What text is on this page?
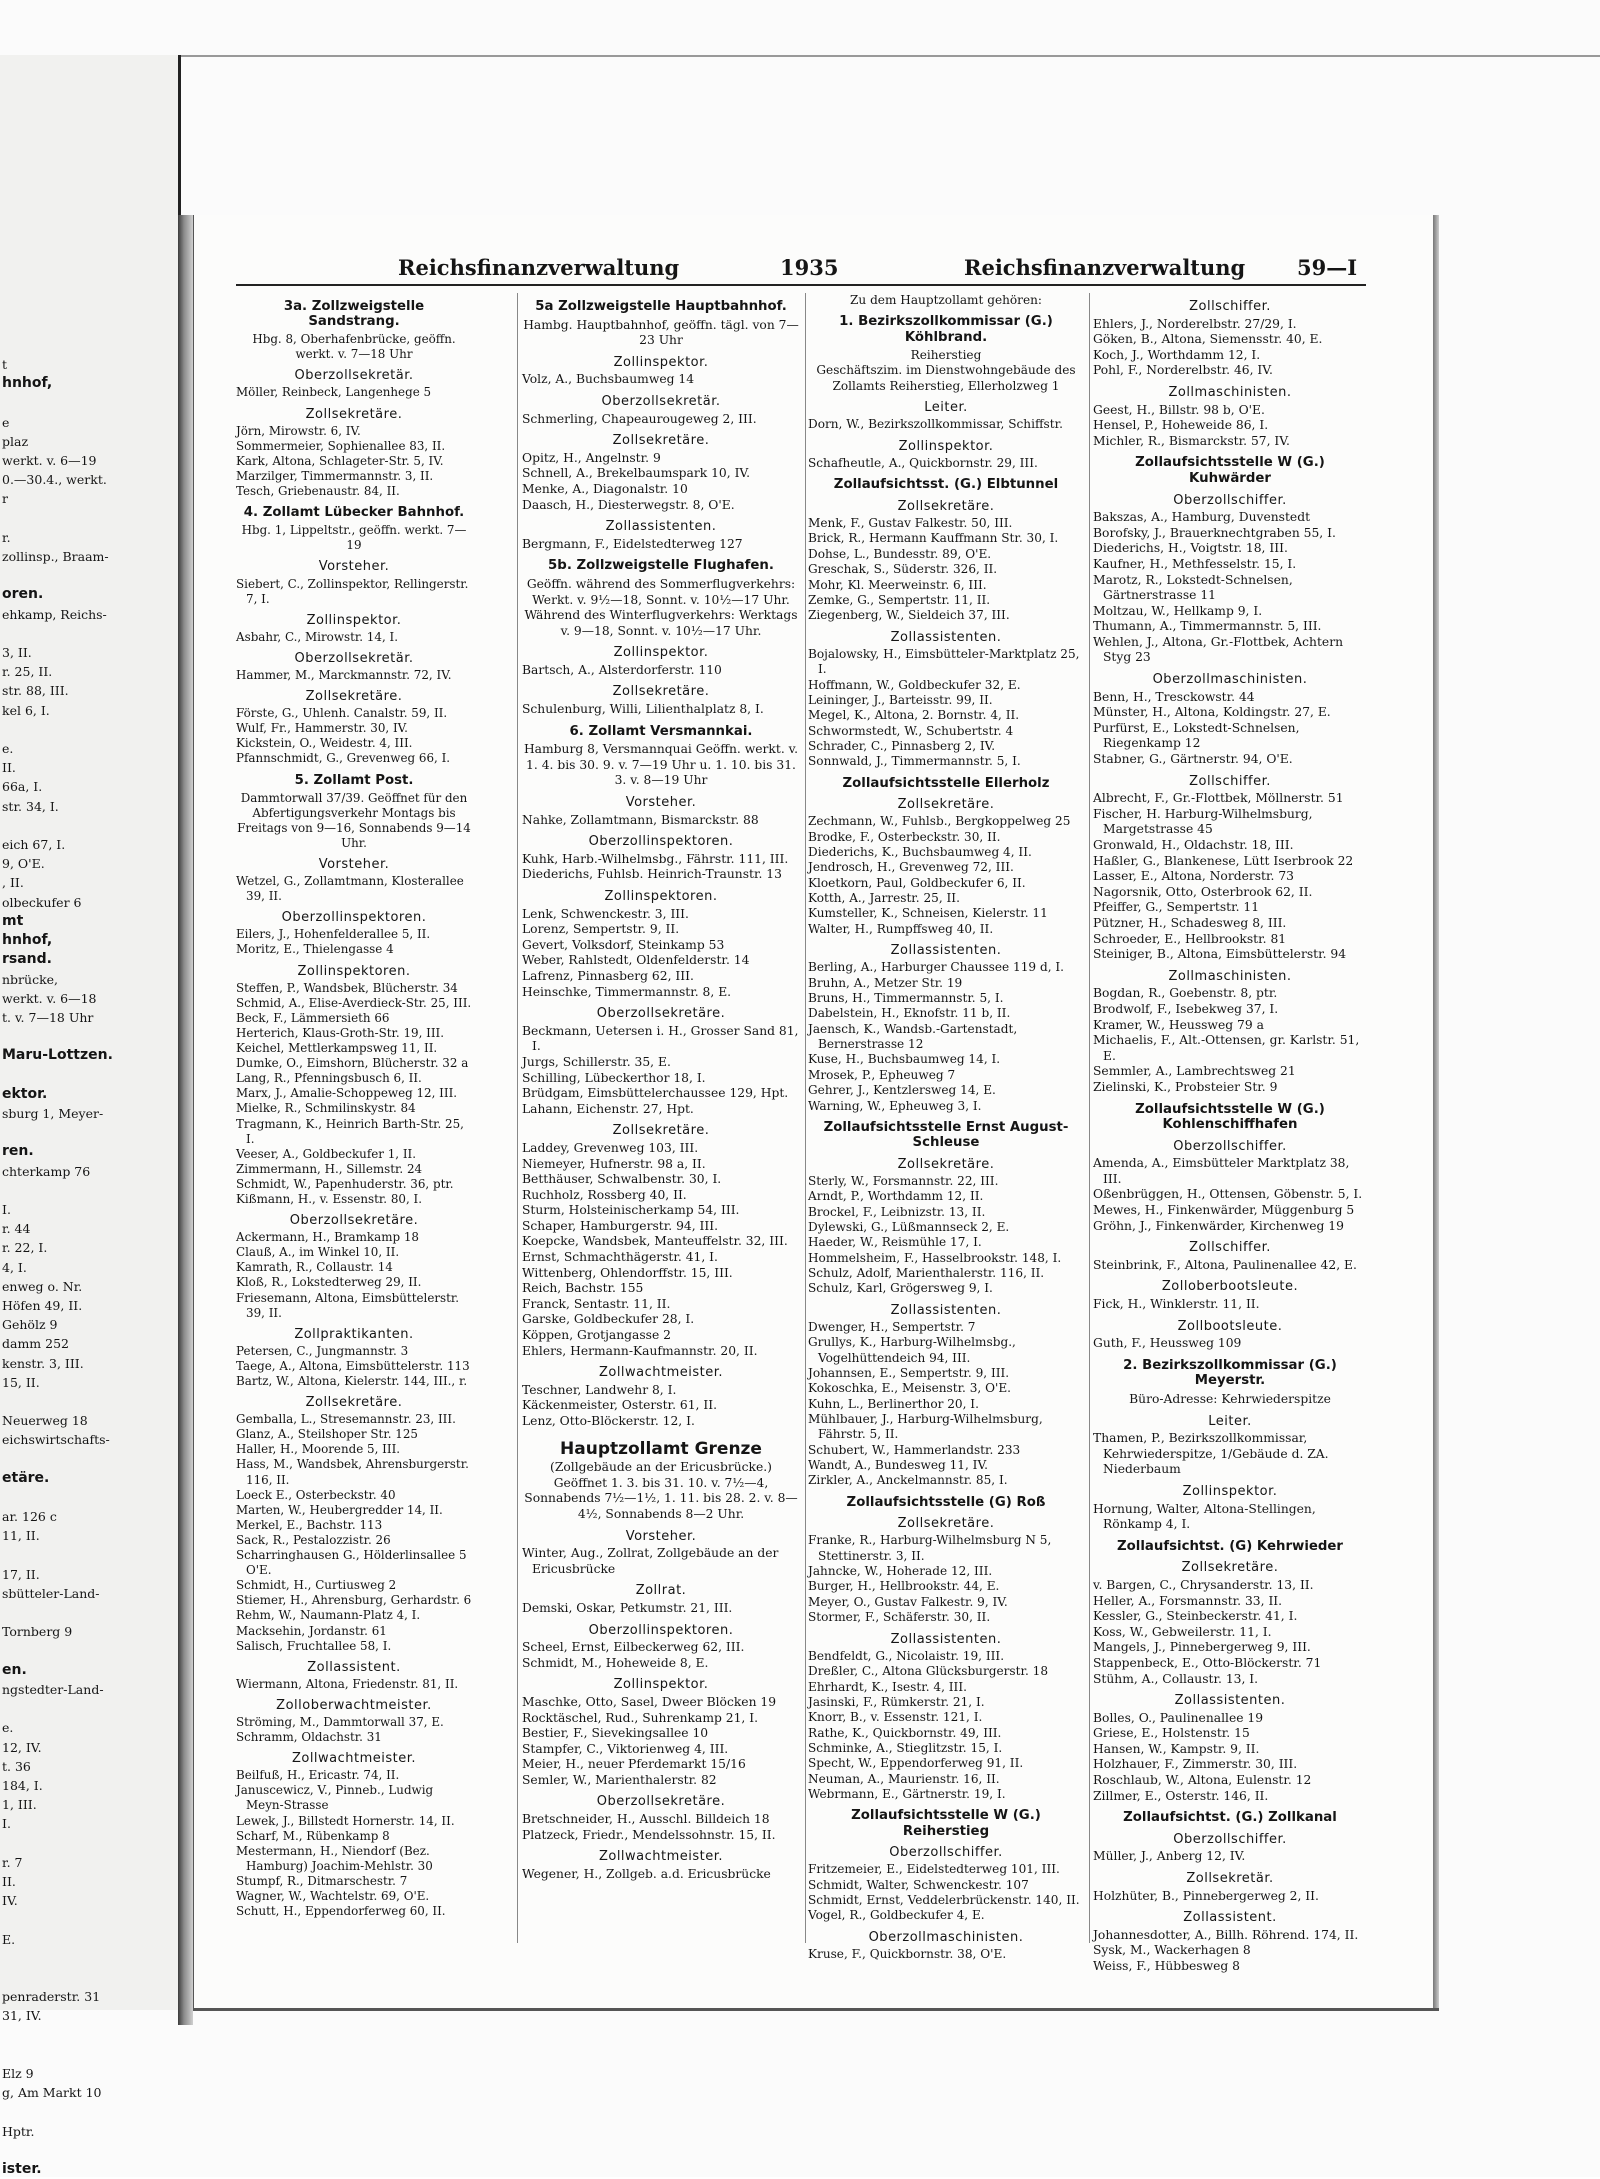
t
hnhof,

e
plaz
werkt. v. 6—19
0.—30.4., werkt.
r

r.
zollinsp., Braam-

oren.
ehkamp, Reichs-

3, II.
r. 25, II.
str. 88, III.
kel 6, I.

e.
II.
66a, I.
str. 34, I.

eich 67, I.
9, O'E.
, II.
olbeckufer 6
mt
hnhof,
rsand.
nbrücke,
werkt. v. 6—18
t. v. 7—18 Uhr

Maru-Lottzen.

ektor.
sburg 1, Meyer-

ren.
chterkamp 76

I.
r. 44
r. 22, I.
4, I.
enweg o. Nr.
Höfen 49, II.
Gehölz 9
damm 252
kenstr. 3, III.
15, II.

Neuerweg 18
eichswirtschafts-

etäre.

ar. 126 c
11, II.

17, II.
sbütteler-Land-

Tornberg 9

en.
ngstedter-Land-

e.
12, IV.
t. 36
184, I.
1, III.
I.

r. 7
II.
IV.

E.

penraderstr. 31
31, IV.

Elz 9
g, Am Markt 10

Hptr.

ister.
Reichsfinanzverwaltung	1935	Reichsfinanzverwaltung 59—I

3a. Zollzweigstelle Sandstrang.

Hbg. 8, Oberhafenbrücke, geöffn. werkt. v. 7—18 Uhr

Oberzollsekretär.

Möller, Reinbeck, Langenhege 5

Zollsekretäre.

Jörn, Mirowstr. 6, IV.

Sommermeier, Sophienallee 83, II.

Kark, Altona, Schlageter-Str. 5, IV.

Marzilger, Timmermannstr. 3, II.

Tesch, Griebenaustr. 84, II.

4. Zollamt Lübecker Bahnhof.

Hbg. 1, Lippeltstr., geöffn. werkt. 7—19

Vorsteher.

Siebert, C., Zollinspektor, Rellingerstr. 7, I.

Zollinspektor.

Asbahr, C., Mirowstr. 14, I.

Oberzollsekretär.

Hammer, M., Marckmannstr. 72, IV.

Zollsekretäre.

Förste, G., Uhlenh. Canalstr. 59, II.

Wulf, Fr., Hammerstr. 30, IV.

Kickstein, O., Weidestr. 4, III.

Pfannschmidt, G., Grevenweg 66, I.

5. Zollamt Post.

Dammtorwall 37/39. Geöffnet für den Abfertigungsverkehr Montags bis Freitags von 9—16, Sonnabends 9—14 Uhr.

Vorsteher.

Wetzel, G., Zollamtmann, Klosterallee 39, II.

Oberzollinspektoren.

Eilers, J., Hohenfelderallee 5, II.

Moritz, E., Thielengasse 4

Zollinspektoren.

Steffen, P., Wandsbek, Blücherstr. 34

Schmid, A., Elise-Averdieck-Str. 25, III.

Beck, F., Lämmersieth 66

Herterich, Klaus-Groth-Str. 19, III.

Keichel, Mettlerkampsweg 11, II.

Dumke, O., Eimshorn, Blücherstr. 32 a

Lang, R., Pfenningsbusch 6, II.

Marx, J., Amalie-Schoppeweg 12, III.

Mielke, R., Schmilinskystr. 84

Tragmann, K., Heinrich Barth-Str. 25, I.

Veeser, A., Goldbeckufer 1, II.

Zimmermann, H., Sillemstr. 24

Schmidt, W., Papenhuderstr. 36, ptr.

Kißmann, H., v. Essenstr. 80, I.

Oberzollsekretäre.

Ackermann, H., Bramkamp 18

Clauß, A., im Winkel 10, II.

Kamrath, R., Collaustr. 14

Kloß, R., Lokstedterweg 29, II.

Friesemann, Altona, Eimsbüttelerstr. 39, II.

Zollpraktikanten.

Petersen, C., Jungmannstr. 3

Taege, A., Altona, Eimsbüttelerstr. 113

Bartz, W., Altona, Kielerstr. 144, III., r.

Zollsekretäre.

Gemballa, L., Stresemannstr. 23, III.

Glanz, A., Steilshoper Str. 125

Haller, H., Moorende 5, III.

Hass, M., Wandsbek, Ahrensburgerstr. 116, II.

Loeck E., Osterbeckstr. 40

Marten, W., Heubergredder 14, II.

Merkel, E., Bachstr. 113

Sack, R., Pestalozzistr. 26

Scharringhausen G., Hölderlinsallee 5 O'E.

Schmidt, H., Curtiusweg 2

Stiemer, H., Ahrensburg, Gerhardstr. 6

Rehm, W., Naumann-Platz 4, I.

Macksehin, Jordanstr. 61

Salisch, Fruchtallee 58, I.

Zollassistent.

Wiermann, Altona, Friedenstr. 81, II.

Zolloberwachtmeister.

Ströming, M., Dammtorwall 37, E.

Schramm, Oldachstr. 31

Zollwachtmeister.

Beilfuß, H., Ericastr. 74, II.

Januscewicz, V., Pinneb., Ludwig Meyn-Strasse

Lewek, J., Billstedt Hornerstr. 14, II.

Scharf, M., Rübenkamp 8

Mestermann, H., Niendorf (Bez. Hamburg) Joachim-Mehlstr. 30

Stumpf, R., Ditmarschestr. 7

Wagner, W., Wachtelstr. 69, O'E.

Schutt, H., Eppendorferweg 60, II.

5a Zollzweigstelle Hauptbahnhof.

Hambg. Hauptbahnhof, geöffn. tägl. von 7—23 Uhr

Zollinspektor.

Volz, A., Buchsbaumweg 14

Oberzollsekretär.

Schmerling, Chapeaurougeweg 2, III.

Zollsekretäre.

Opitz, H., Angelnstr. 9

Schnell, A., Brekelbaumspark 10, IV.

Menke, A., Diagonalstr. 10

Daasch, H., Diesterwegstr. 8, O'E.

Zollassistenten.

Bergmann, F., Eidelstedterweg 127

5b. Zollzweigstelle Flughafen.

Geöffn. während des Sommerflugverkehrs: Werkt. v. 9½—18, Sonnt. v. 10½—17 Uhr. Während des Winterflugverkehrs: Werktags v. 9—18, Sonnt. v. 10½—17 Uhr.

Zollinspektor.

Bartsch, A., Alsterdorferstr. 110

Zollsekretäre.

Schulenburg, Willi, Lilienthalplatz 8, I.

6. Zollamt Versmannkai.

Hamburg 8, Versmannquai Geöffn. werkt. v. 1. 4. bis 30. 9. v. 7—19 Uhr u. 1. 10. bis 31. 3. v. 8—19 Uhr

Vorsteher.

Nahke, Zollamtmann, Bismarckstr. 88

Oberzollinspektoren.

Kuhk, Harb.-Wilhelmsbg., Fährstr. 111, III.

Diederichs, Fuhlsb. Heinrich-Traunstr. 13

Zollinspektoren.

Lenk, Schwenckestr. 3, III.

Lorenz, Sempertstr. 9, II.

Gevert, Volksdorf, Steinkamp 53

Weber, Rahlstedt, Oldenfelderstr. 14

Lafrenz, Pinnasberg 62, III.

Heinschke, Timmermannstr. 8, E.

Oberzollsekretäre.

Beckmann, Uetersen i. H., Grosser Sand 81, I.

Jurgs, Schillerstr. 35, E.

Schilling, Lübeckerthor 18, I.

Brüdgam, Eimsbüttelerchaussee 129, Hpt.

Lahann, Eichenstr. 27, Hpt.

Zollsekretäre.

Laddey, Grevenweg 103, III.

Niemeyer, Hufnerstr. 98 a, II.

Betthäuser, Schwalbenstr. 30, I.

Ruchholz, Rossberg 40, II.

Sturm, Holsteinischerkamp 54, III.

Schaper, Hamburgerstr. 94, III.

Koepcke, Wandsbek, Manteuffelstr. 32, III.

Ernst, Schmachthägerstr. 41, I.

Wittenberg, Ohlendorffstr. 15, III.

Reich, Bachstr. 155

Franck, Sentastr. 11, II.

Garske, Goldbeckufer 28, I.

Köppen, Grotjangasse 2

Ehlers, Hermann-Kaufmannstr. 20, II.

Zollwachtmeister.

Teschner, Landwehr 8, I.

Käckenmeister, Osterstr. 61, II.

Lenz, Otto-Blöckerstr. 12, I.

Hauptzollamt Grenze

(Zollgebäude an der Ericusbrücke.) Geöffnet 1. 3. bis 31. 10. v. 7½—4, Sonnabends 7½—1½, 1. 11. bis 28. 2. v. 8—4½, Sonnabends 8—2 Uhr.

Vorsteher.

Winter, Aug., Zollrat, Zollgebäude an der Ericusbrücke

Zollrat.

Demski, Oskar, Petkumstr. 21, III.

Oberzollinspektoren.

Scheel, Ernst, Eilbeckerweg 62, III.

Schmidt, M., Hoheweide 8, E.

Zollinspektor.

Maschke, Otto, Sasel, Dweer Blöcken 19

Rocktäschel, Rud., Suhrenkamp 21, I.

Bestier, F., Sievekingsallee 10

Stampfer, C., Viktorienweg 4, III.

Meier, H., neuer Pferdemarkt 15/16

Semler, W., Marienthalerstr. 82

Oberzollsekretäre.

Bretschneider, H., Ausschl. Billdeich 18

Platzeck, Friedr., Mendelssohnstr. 15, II.

Zollwachtmeister.

Wegener, H., Zollgeb. a.d. Ericusbrücke

Zu dem Hauptzollamt gehören:

1. Bezirkszollkommissar (G.) Köhlbrand.

Reiherstieg

Geschäftszim. im Dienstwohngebäude des Zollamts Reiherstieg, Ellerholzweg 1

Leiter.

Dorn, W., Bezirkszollkommissar, Schiffstr.

Zollinspektor.

Schafheutle, A., Quickbornstr. 29, III.

Zollaufsichtsst. (G.) Elbtunnel

Zollsekretäre.

Menk, F., Gustav Falkestr. 50, III.

Brick, R., Hermann Kauffmann Str. 30, I.

Dohse, L., Bundesstr. 89, O'E.

Greschak, S., Süderstr. 326, II.

Mohr, Kl. Meerweinstr. 6, III.

Zemke, G., Sempertstr. 11, II.

Ziegenberg, W., Sieldeich 37, III.

Zollassistenten.

Bojalowsky, H., Eimsbütteler-Marktplatz 25, I.

Hoffmann, W., Goldbeckufer 32, E.

Leininger, J., Barteisstr. 99, II.

Megel, K., Altona, 2. Bornstr. 4, II.

Schwormstedt, W., Schubertstr. 4

Schrader, C., Pinnasberg 2, IV.

Sonnwald, J., Timmermannstr. 5, I.

Zollaufsichtsstelle Ellerholz

Zollsekretäre.

Zechmann, W., Fuhlsb., Bergkoppelweg 25

Brodke, F., Osterbeckstr. 30, II.

Diederichs, K., Buchsbaumweg 4, II.

Jendrosch, H., Grevenweg 72, III.

Kloetkorn, Paul, Goldbeckufer 6, II.

Kotth, A., Jarrestr. 25, II.

Kumsteller, K., Schneisen, Kielerstr. 11

Walter, H., Rumpffsweg 40, II.

Zollassistenten.

Berling, A., Harburger Chaussee 119 d, I.

Bruhn, A., Metzer Str. 19

Bruns, H., Timmermannstr. 5, I.

Dabelstein, H., Eknofstr. 11 b, II.

Jaensch, K., Wandsb.-Gartenstadt, Bernerstrasse 12

Kuse, H., Buchsbaumweg 14, I.

Mrosek, P., Epheuweg 7

Gehrer, J., Kentzlersweg 14, E.

Warning, W., Epheuweg 3, I.

Zollaufsichtsstelle Ernst August-Schleuse

Zollsekretäre.

Sterly, W., Forsmannstr. 22, III.

Arndt, P., Worthdamm 12, II.

Brockel, F., Leibnizstr. 13, II.

Dylewski, G., Lüßmannseck 2, E.

Haeder, W., Reismühle 17, I.

Hommelsheim, F., Hasselbrookstr. 148, I.

Schulz, Adolf, Marienthalerstr. 116, II.

Schulz, Karl, Grögersweg 9, I.

Zollassistenten.

Dwenger, H., Sempertstr. 7

Grullys, K., Harburg-Wilhelmsbg., Vogelhüttendeich 94, III.

Johannsen, E., Sempertstr. 9, III.

Kokoschka, E., Meisenstr. 3, O'E.

Kuhn, L., Berlinerthor 20, I.

Mühlbauer, J., Harburg-Wilhelmsburg, Fährstr. 5, II.

Schubert, W., Hammerlandstr. 233

Wandt, A., Bundesweg 11, IV.

Zirkler, A., Anckelmannstr. 85, I.

Zollaufsichtsstelle (G) Roß

Zollsekretäre.

Franke, R., Harburg-Wilhelmsburg N 5, Stettinerstr. 3, II.

Jahncke, W., Hoherade 12, III.

Burger, H., Hellbrookstr. 44, E.

Meyer, O., Gustav Falkestr. 9, IV.

Stormer, F., Schäferstr. 30, II.

Zollassistenten.

Bendfeldt, G., Nicolaistr. 19, III.

Dreßler, C., Altona Glücksburgerstr. 18

Ehrhardt, K., Isestr. 4, III.

Jasinski, F., Rümkerstr. 21, I.

Knorr, B., v. Essenstr. 121, I.

Rathe, K., Quickbornstr. 49, III.

Schminke, A., Stieglitzstr. 15, I.

Specht, W., Eppendorferweg 91, II.

Neuman, A., Maurienstr. 16, II.

Webrmann, E., Gärtnerstr. 19, I.

Zollaufsichtsstelle W (G.) Reiherstieg

Oberzollschiffer.

Fritzemeier, E., Eidelstedterweg 101, III.

Schmidt, Walter, Schwenckestr. 107

Schmidt, Ernst, Veddelerbrückenstr. 140, II.

Vogel, R., Goldbeckufer 4, E.

Oberzollmaschinisten.

Kruse, F., Quickbornstr. 38, O'E.

Zollschiffer.

Ehlers, J., Norderelbstr. 27/29, I.

Göken, B., Altona, Siemensstr. 40, E.

Koch, J., Worthdamm 12, I.

Pohl, F., Norderelbstr. 46, IV.

Zollmaschinisten.

Geest, H., Billstr. 98 b, O'E.

Hensel, P., Hoheweide 86, I.

Michler, R., Bismarckstr. 57, IV.

Zollaufsichtsstelle W (G.) Kuhwärder

Oberzollschiffer.

Bakszas, A., Hamburg, Duvenstedt

Borofsky, J., Brauerknechtgraben 55, I.

Diederichs, H., Voigtstr. 18, III.

Kaufner, H., Methfesselstr. 15, I.

Marotz, R., Lokstedt-Schnelsen, Gärtnerstrasse 11

Moltzau, W., Hellkamp 9, I.

Thumann, A., Timmermannstr. 5, III.

Wehlen, J., Altona, Gr.-Flottbek, Achtern Styg 23

Oberzollmaschinisten.

Benn, H., Tresckowstr. 44

Münster, H., Altona, Koldingstr. 27, E.

Purfürst, E., Lokstedt-Schnelsen, Riegenkamp 12

Stabner, G., Gärtnerstr. 94, O'E.

Zollschiffer.

Albrecht, F., Gr.-Flottbek, Möllnerstr. 51

Fischer, H. Harburg-Wilhelmsburg, Margetstrasse 45

Gronwald, H., Oldachstr. 18, III.

Haßler, G., Blankenese, Lütt Iserbrook 22

Lasser, E., Altona, Norderstr. 73

Nagorsnik, Otto, Osterbrook 62, II.

Pfeiffer, G., Sempertstr. 11

Pützner, H., Schadesweg 8, III.

Schroeder, E., Hellbrookstr. 81

Steiniger, B., Altona, Eimsbüttelerstr. 94

Zollmaschinisten.

Bogdan, R., Goebenstr. 8, ptr.

Brodwolf, F., Isebekweg 37, I.

Kramer, W., Heussweg 79 a

Michaelis, F., Alt.-Ottensen, gr. Karlstr. 51, E.

Semmler, A., Lambrechtsweg 21

Zielinski, K., Probsteier Str. 9

Zollaufsichtsstelle W (G.) Kohlenschiffhafen

Oberzollschiffer.

Amenda, A., Eimsbütteler Marktplatz 38, III.

Oßenbrüggen, H., Ottensen, Göbenstr. 5, I.

Mewes, H., Finkenwärder, Müggenburg 5

Gröhn, J., Finkenwärder, Kirchenweg 19

Zollschiffer.

Steinbrink, F., Altona, Paulinenallee 42, E.

Zolloberbootsleute.

Fick, H., Winklerstr. 11, II.

Zollbootsleute.

Guth, F., Heussweg 109

2. Bezirkszollkommissar (G.) Meyerstr.

Büro-Adresse: Kehrwiederspitze

Leiter.

Thamen, P., Bezirkszollkommissar, Kehrwiederspitze, 1/Gebäude d. ZA. Niederbaum

Zollinspektor.

Hornung, Walter, Altona-Stellingen, Rönkamp 4, I.

Zollaufsichtst. (G) Kehrwieder

Zollsekretäre.

v. Bargen, C., Chrysanderstr. 13, II.

Heller, A., Forsmannstr. 33, II.

Kessler, G., Steinbeckerstr. 41, I.

Koss, W., Gebweilerstr. 11, I.

Mangels, J., Pinnebergerweg 9, III.

Stappenbeck, E., Otto-Blöckerstr. 71

Stühm, A., Collaustr. 13, I.

Zollassistenten.

Bolles, O., Paulinenallee 19

Griese, E., Holstenstr. 15

Hansen, W., Kampstr. 9, II.

Holzhauer, F., Zimmerstr. 30, III.

Roschlaub, W., Altona, Eulenstr. 12

Zillmer, E., Osterstr. 146, II.

Zollaufsichtst. (G.) Zollkanal

Oberzollschiffer.

Müller, J., Anberg 12, IV.

Zollsekretär.

Holzhüter, B., Pinnebergerweg 2, II.

Zollassistent.

Johannesdotter, A., Billh. Röhrend. 174, II.

Sysk, M., Wackerhagen 8

Weiss, F., Hübbesweg 8
